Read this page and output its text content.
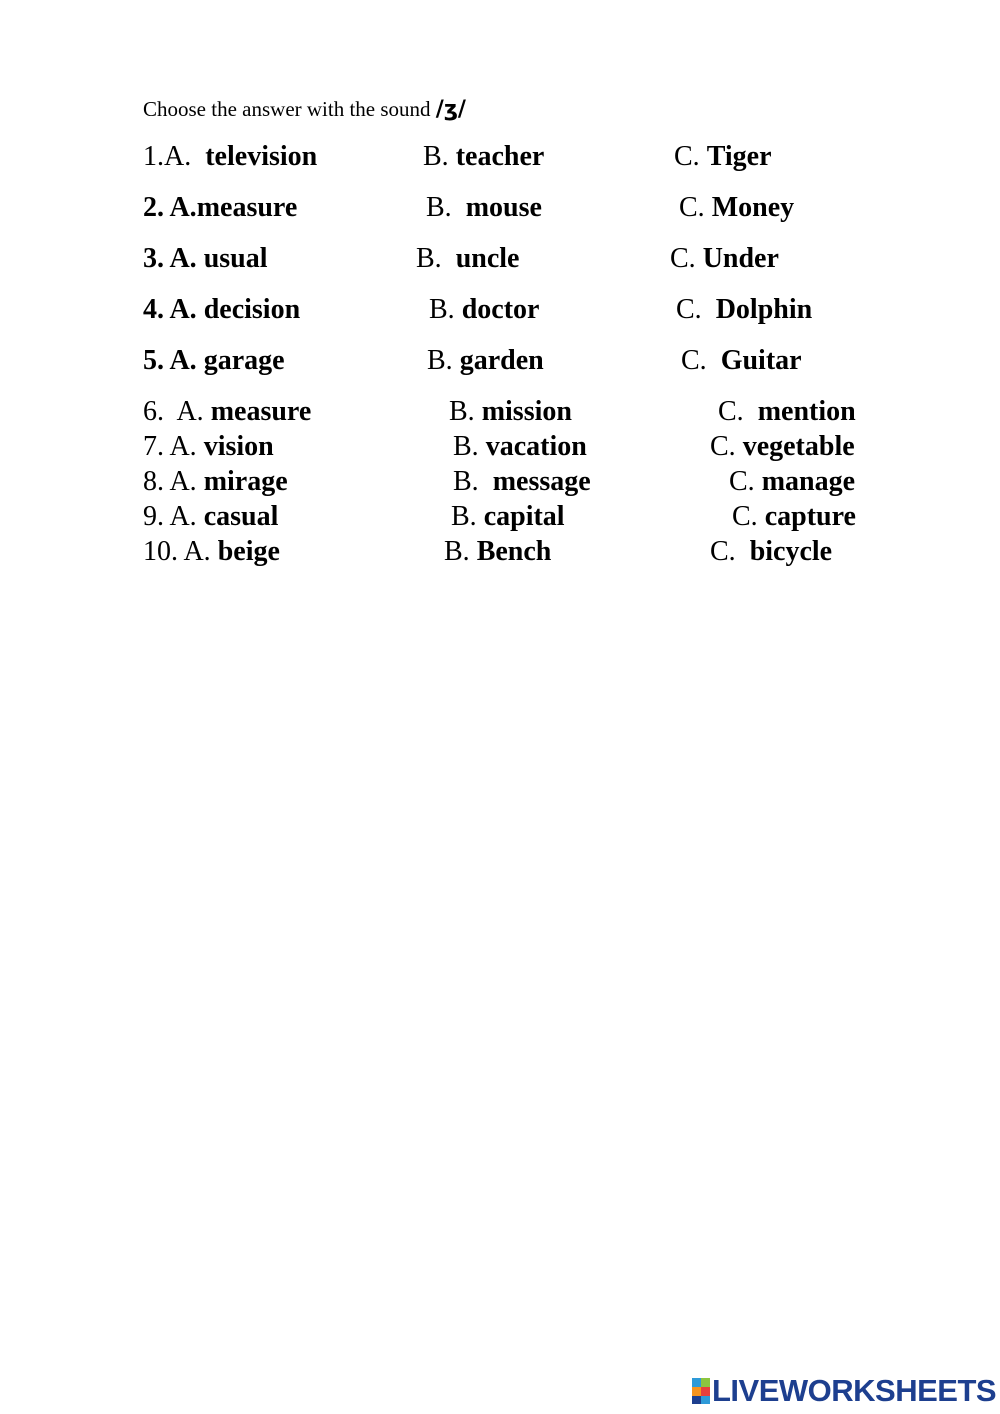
Choose the answer with the sound /ʒ/
1.A. television	B. teacher	C. Tiger
2. A.measure	B. mouse	C. Money
3. A. usual	B. uncle	C. Under
4. A. decision	B. doctor	C. Dolphin
5. A. garage	B. garden	C. Guitar
6.  A. measure	B. mission	C. mention
7. A. vision	B. vacation	C. vegetable
8. A. mirage	B. message	C. manage
9. A. casual	B. capital	C. capture
10. A. beige	B. Bench	C. bicycle
LIVEWORKSHEETS
